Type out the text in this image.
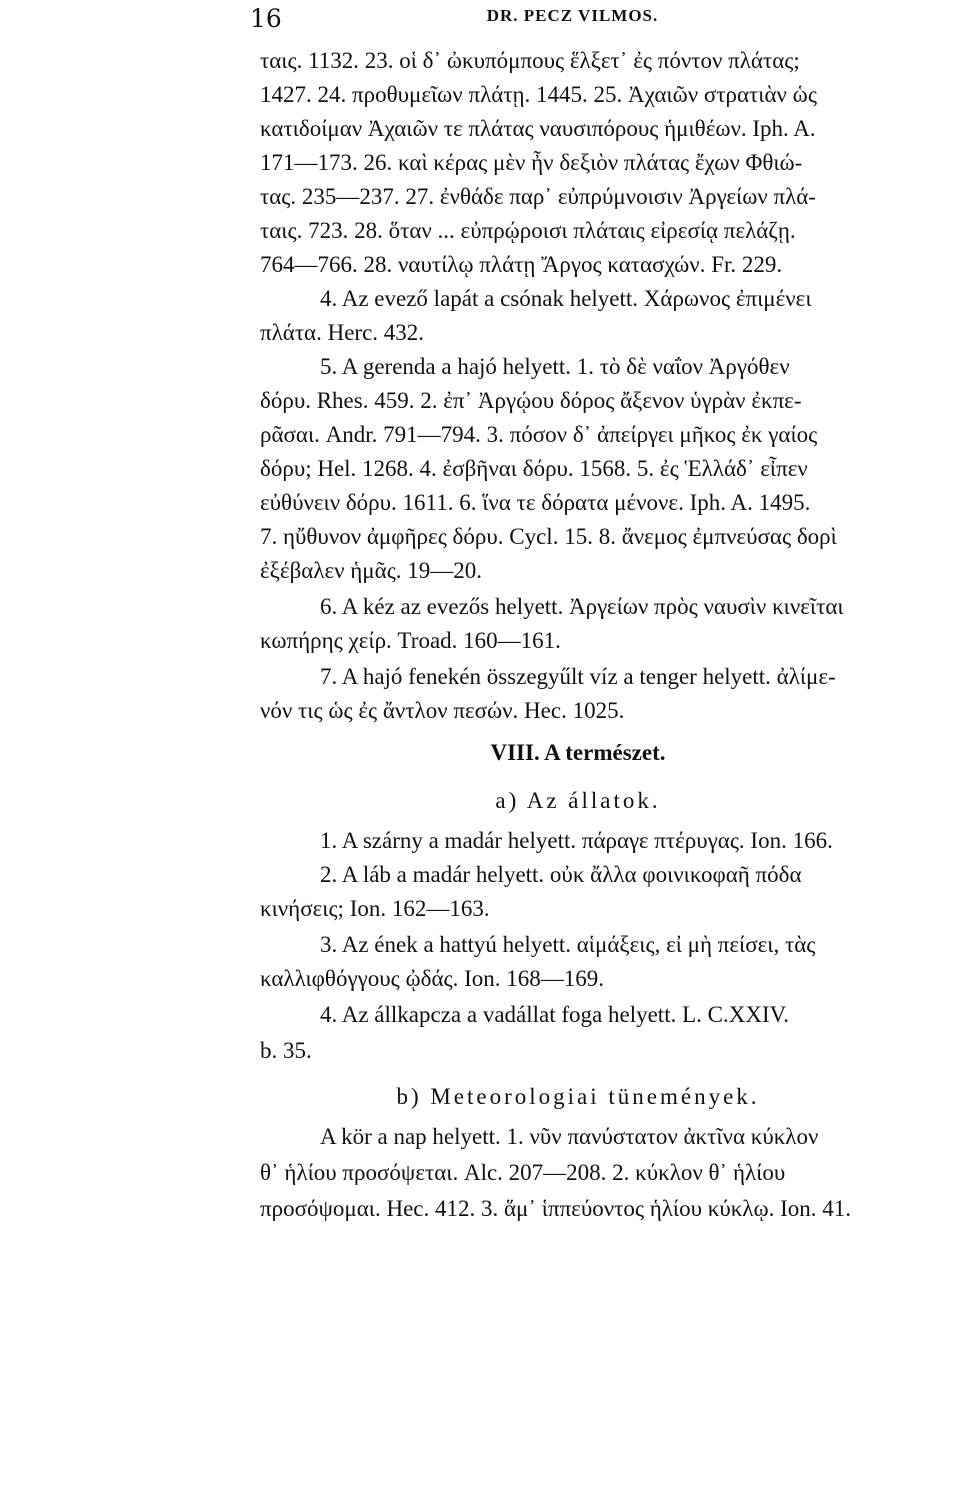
16	DR. PECZ VILMOS.
ταις. 1132. 23. οἱ δ᾽ ὠκυπόμπους ἕλξετ᾽ ἐς πόντον πλάτας;
1427. 24. προθυμεῖων πλάτῃ. 1445. 25. Ἀχαιῶν στρατιὰν ὡς
κατιδοίμαν Ἀχαιῶν τε πλάτας ναυσιπόρους ἡμιθέων. Iph. A.
171—173. 26. καὶ κέρας μὲν ἦν δεξιὸν πλάτας ἔχων Φθιώ-
τας. 235—237. 27. ἐνθάδε παρ᾽ εὐπρύμνοισιν Ἀργείων πλά-
ταις. 723. 28. ὅταν ... εὐπρῴροισι πλάταις εἰρεσίᾳ πελάζῃ.
764—766. 28. ναυτίλῳ πλάτῃ Ἄργος κατασχών. Fr. 229.
4. Az evező lapát a csónak helyett. Χάρωνος ἐπιμένει
πλάτα. Herc. 432.
5. A gerenda a hajó helyett. 1. τὸ δὲ ναΐον Ἀργόθεν
δόρυ. Rhes. 459. 2. ἐπ᾽ Ἀργῴου δόρος ἄξενον ὑγρὰν ἐκπε-
ρᾶσαι. Andr. 791—794. 3. πόσον δ᾽ ἀπείργει μῆκος ἐκ γαίος
δόρυ; Hel. 1268. 4. ἐσβῆναι δόρυ. 1568. 5. ἐς Ἑλλάδ᾽ εἶπεν
εὐθύνειν δόρυ. 1611. 6. ἵνα τε δόρατα μένονε. Iph. A. 1495.
7. ηὔθυνον ἀμφῆρες δόρυ. Cycl. 15. 8. ἄνεμος ἐμπνεύσας δορὶ
ἐξέβαλεν ἡμᾶς. 19—20.
6. A kéz az evezős helyett. Ἀργείων πρὸς ναυσὶν κινεῖται
κωπήρης χείρ. Troad. 160—161.
7. A hajó fenekén összegyűlt víz a tenger helyett. ἀλίμε-
νόν τις ὡς ἐς ἄντλον πεσών. Hec. 1025.
VIII. A természet.
a) Az állatok.
1. A szárny a madár helyett. πάραγε πτέρυγας. Ion. 166.
2. A láb a madár helyett. οὐκ ἄλλα φοινικοφαῆ πόδα
κινήσεις; Ion. 162—163.
3. Az ének a hattyú helyett. αἱμάξεις, εἰ μὴ πείσει, τὰς
καλλιφθόγγους ᾠδάς. Ion. 168—169.
4. Az állkapcza a vadállat foga helyett. L. C.XXIV.
b. 35.
b) Meteorologiai tünemények.
A kör a nap helyett. 1. νῦν πανύστατον ἀκτῖνα κύκλον
θ᾽ ἡλίου προσόψεται. Alc. 207—208. 2. κύκλον θ᾽ ἡλίου
προσόψομαι. Hec. 412. 3. ἅμ᾽ ἱππεύοντος ἡλίου κύκλῳ. Ion. 41.
